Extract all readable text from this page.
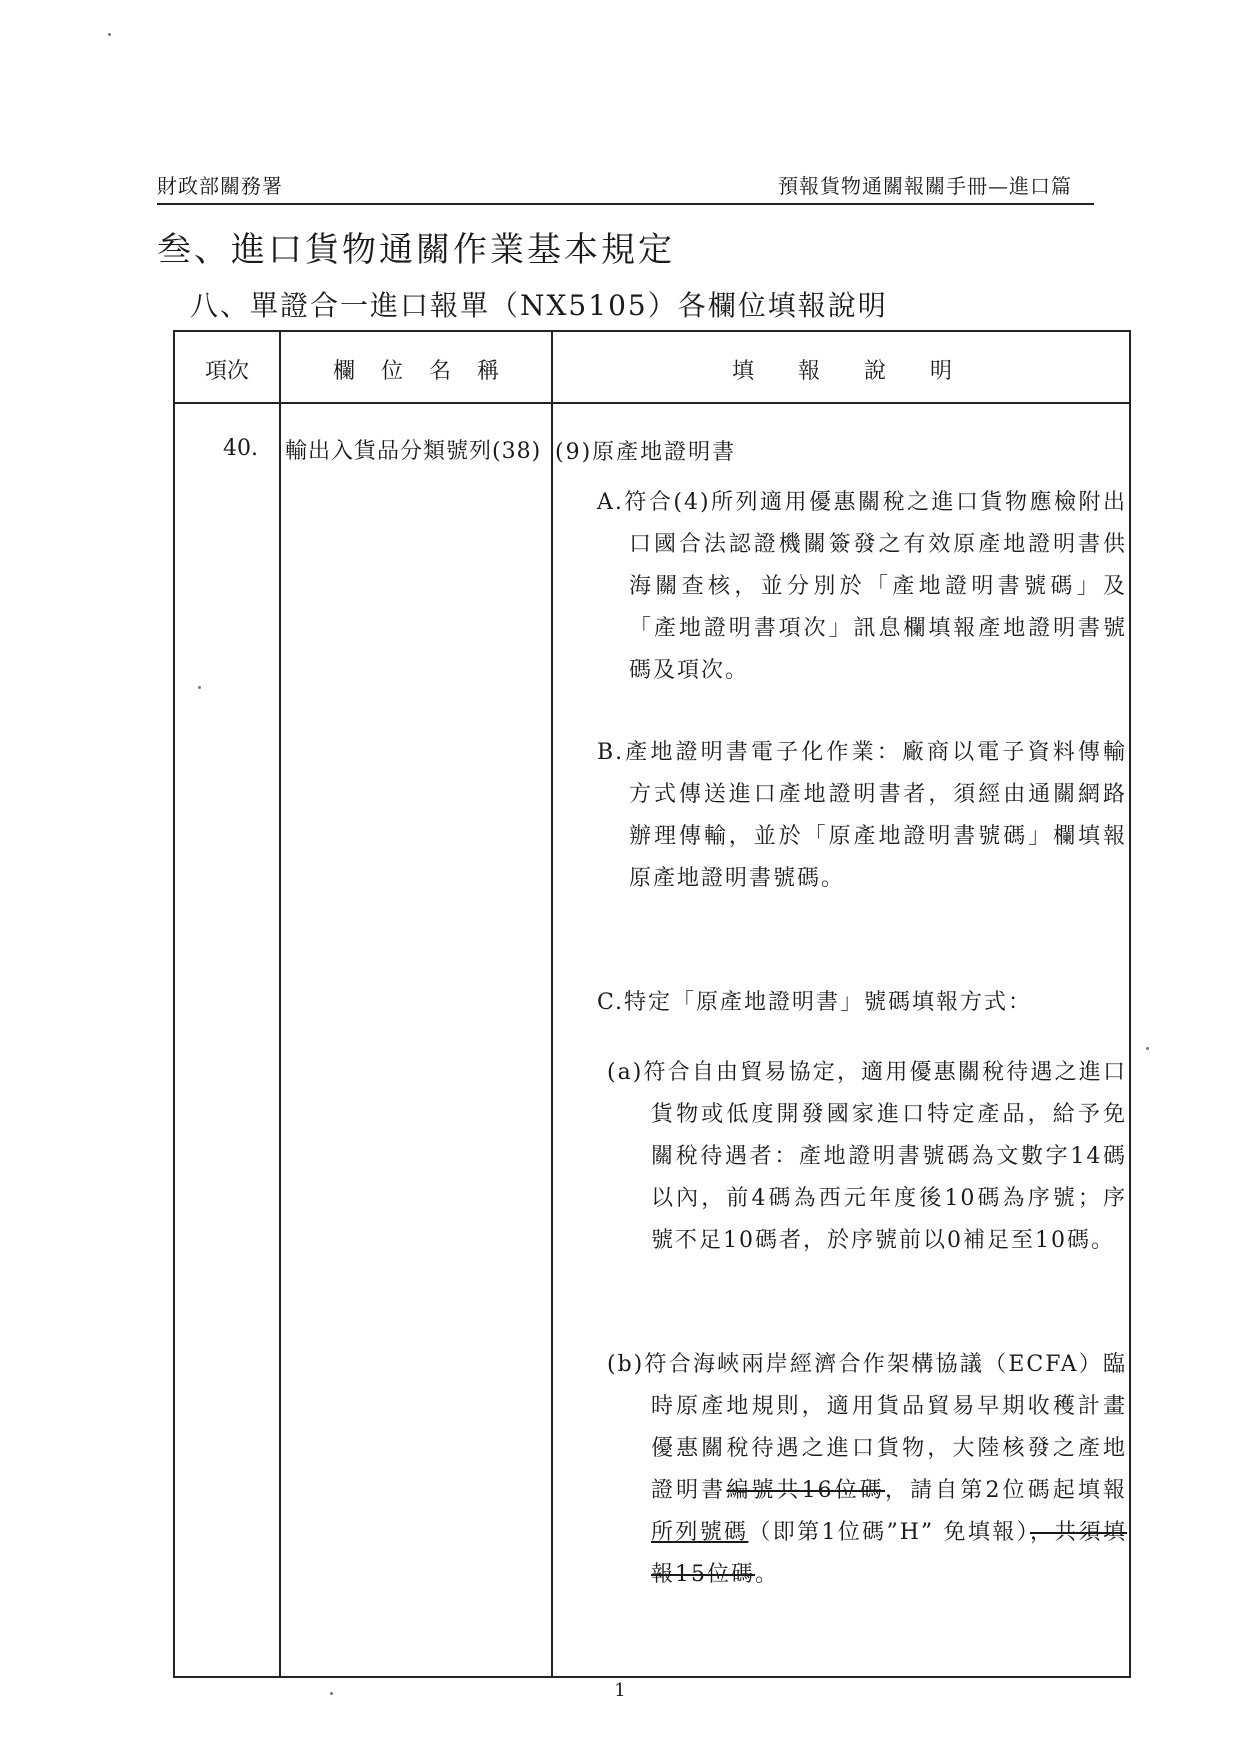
財政部關務署	預報貨物通關報關手冊—進口篇
叁、進口貨物通關作業基本規定
八、單證合一進口報單（NX5105）各欄位填報說明
項次	欄位名稱	填報說明
40. 輸出入貨品分類號列(38) (9)原產地證明書
A.符合(4)所列適用優惠關稅之進口貨物應檢附出口國合法認證機關簽發之有效原產地證明書供海關查核，並分別於「產地證明書號碼」及「產地證明書項次」訊息欄填報產地證明書號碼及項次。
B.產地證明書電子化作業：廠商以電子資料傳輸方式傳送進口產地證明書者，須經由通關網路辦理傳輸，並於「原產地證明書號碼」欄填報原產地證明書號碼。
C.特定「原產地證明書」號碼填報方式：
(a)符合自由貿易協定，適用優惠關稅待遇之進口貨物或低度開發國家進口特定產品，給予免關稅待遇者：產地證明書號碼為文數字14碼以內，前4碼為西元年度後10碼為序號；序號不足10碼者，於序號前以0補足至10碼。
(b)符合海峽兩岸經濟合作架構協議（ECFA）臨時原產地規則，適用貨品貿易早期收穫計畫優惠關稅待遇之進口貨物，大陸核發之產地證明書編號共16位碼，請自第2位碼起填報所列號碼（即第1位碼”H” 免填報），共須填報15位碼。
1
